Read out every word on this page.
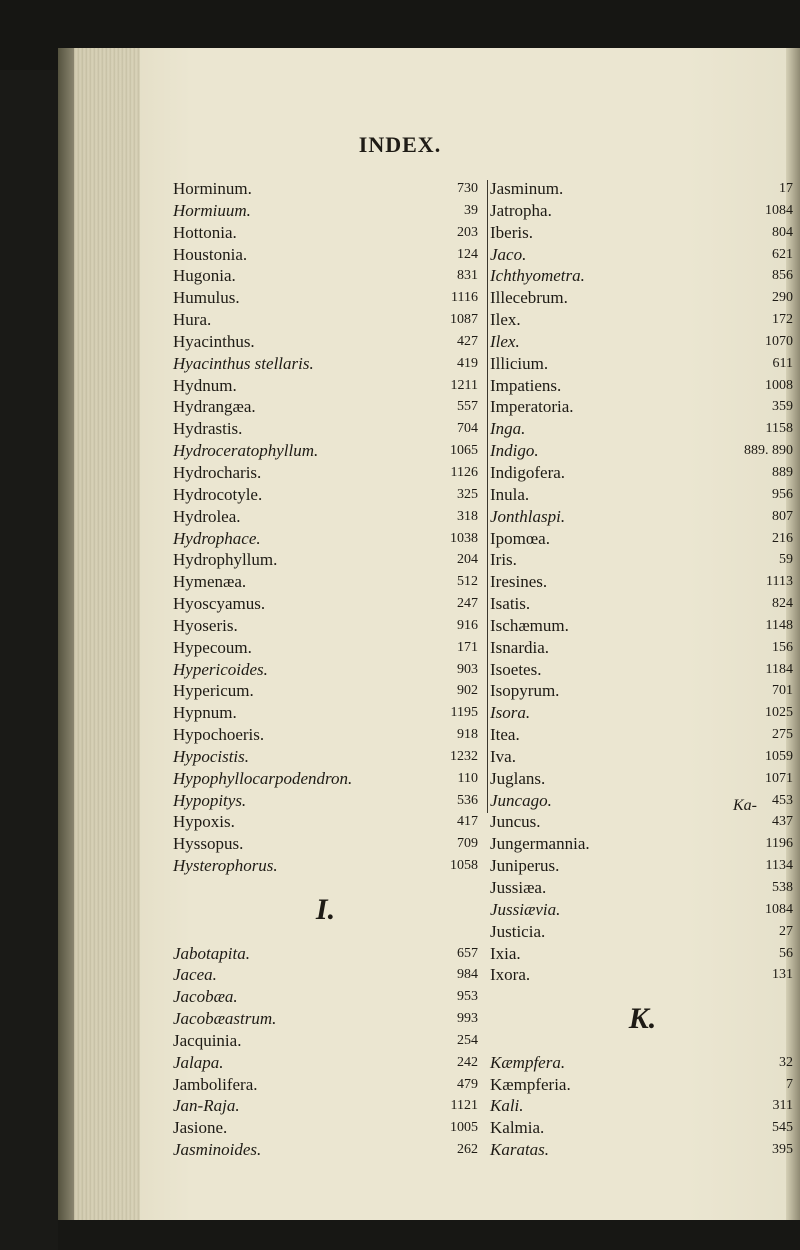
INDEX.
Horminum.	730
Hormiuum.	39
Hottonia.	203
Houstonia.	124
Hugonia.	831
Humulus.	1116
Hura.	1087
Hyacinthus.	427
Hyacinthus stellaris.	419
Hydnum.	1211
Hydrangæa.	557
Hydrastis.	704
Hydroceratophyllum.	1065
Hydrocharis.	1126
Hydrocotyle.	325
Hydrolea.	318
Hydrophace.	1038
Hydrophyllum.	204
Hymenæa.	512
Hyoscyamus.	247
Hyoseris.	916
Hypecoum.	171
Hypericoides.	903
Hypericum.	902
Hypnum.	1195
Hypochoeris.	918
Hypocistis.	1232
Hypophyllocarpodendron.	110
Hypopitys.	536
Hypoxis.	417
Hyssopus.	709
Hysterophorus.	1058
I.
Jabotapita.	657
Jacea.	984
Jacobæa.	953
Jacobæastrum.	993
Jacquinia.	254
Jalapa.	242
Jambolifera.	479
Jan-Raja.	1121
Jasione.	1005
Jasminoides.	262
Jasminum.	17
Jatropha.	1084
Iberis.	804
Jaco.	621
Ichthyometra.	856
Illecebrum.	290
Ilex.	172
Ilex.	1070
Illicium.	611
Impatiens.	1008
Imperatoria.	359
Inga.	1158
Indigo.	889. 890
Indigofera.	889
Inula.	956
Jonthlaspi.	807
Ipomœa.	216
Iris.	59
Iresines.	1113
Isatis.	824
Ischæmum.	1148
Isnardia.	156
Isoetes.	1184
Isopyrum.	701
Isora.	1025
Itea.	275
Iva.	1059
Juglans.	1071
Juncago.	453
Juncus.	437
Jungermannia.	1196
Juniperus.	1134
Jussiæa.	538
Jussiævia.	1084
Justicia.	27
Ixia.	56
Ixora.	131
K.
Kæmpfera.	32
Kæmpferia.	7
Kali.	311
Kalmia.	545
Karatas.	395
Ka-
